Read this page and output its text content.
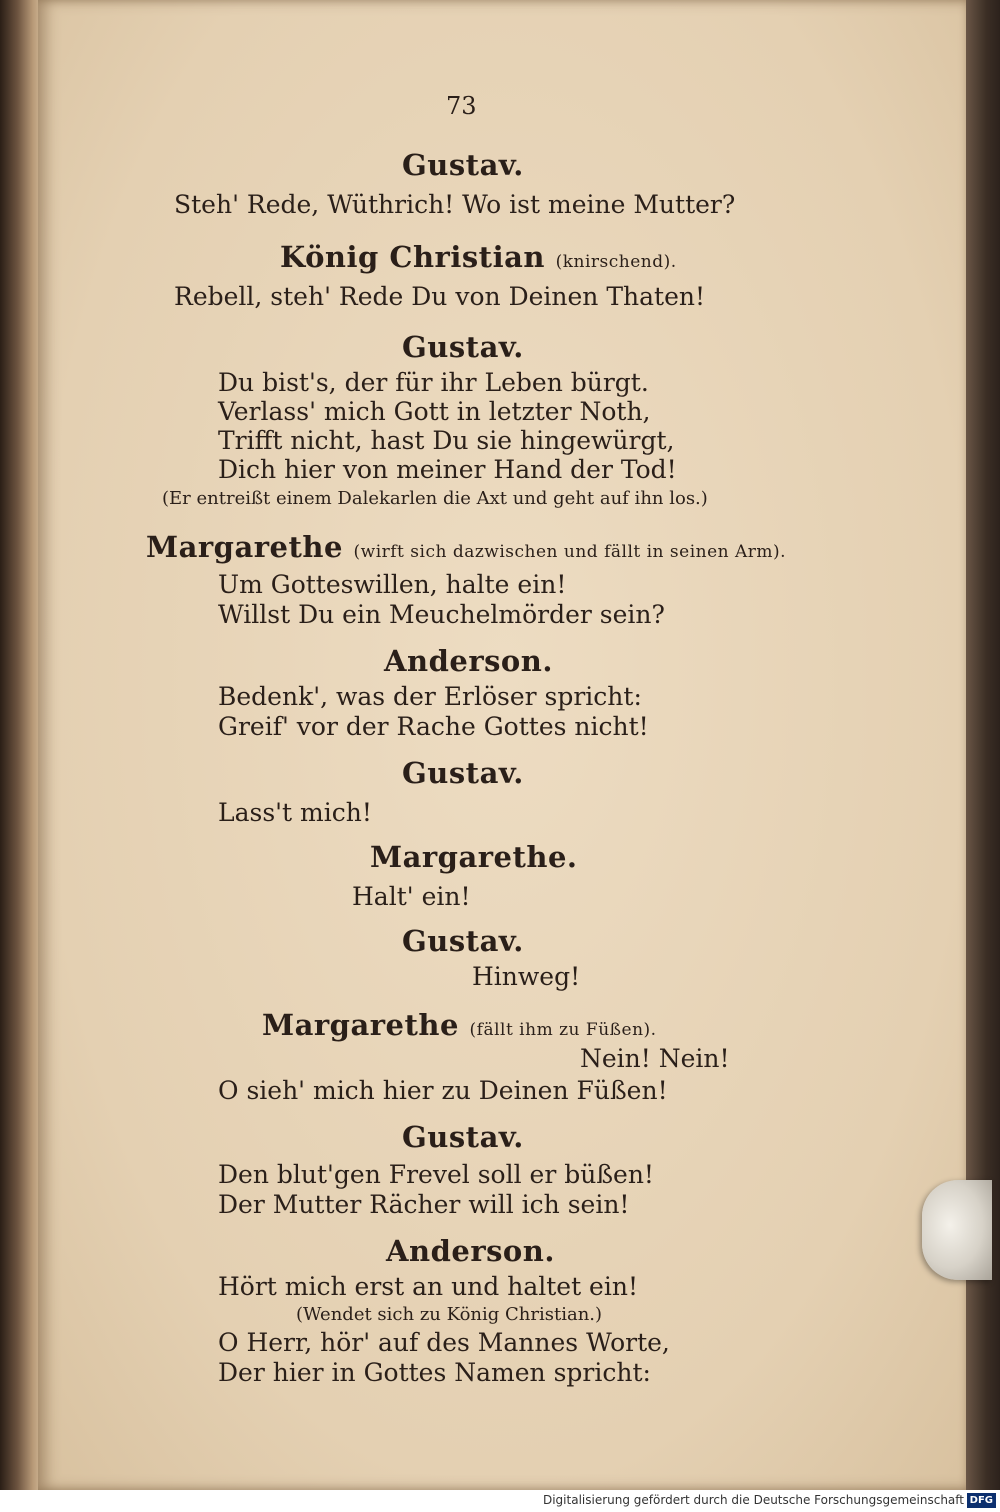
73
Gustav.
Steh' Rede, Wüthrich! Wo ist meine Mutter?
König Christian (knirschend).
Rebell, steh' Rede Du von Deinen Thaten!
Gustav.
Du bist's, der für ihr Leben bürgt.
Verlass' mich Gott in letzter Noth,
Trifft nicht, hast Du sie hingewürgt,
Dich hier von meiner Hand der Tod!
(Er entreißt einem Dalekarlen die Axt und geht auf ihn los.)
Margarethe (wirft sich dazwischen und fällt in seinen Arm).
Um Gotteswillen, halte ein!
Willst Du ein Meuchelmörder sein?
Anderson.
Bedenk', was der Erlöser spricht:
Greif' vor der Rache Gottes nicht!
Gustav.
Lass't mich!
Margarethe.
Halt' ein!
Gustav.
Hinweg!
Margarethe (fällt ihm zu Füßen).
Nein! Nein!
O sieh' mich hier zu Deinen Füßen!
Gustav.
Den blut'gen Frevel soll er büßen!
Der Mutter Rächer will ich sein!
Anderson.
Hört mich erst an und haltet ein!
(Wendet sich zu König Christian.)
O Herr, hör' auf des Mannes Worte,
Der hier in Gottes Namen spricht:
Digitalisierung gefördert durch die Deutsche Forschungsgemeinschaft DFG
